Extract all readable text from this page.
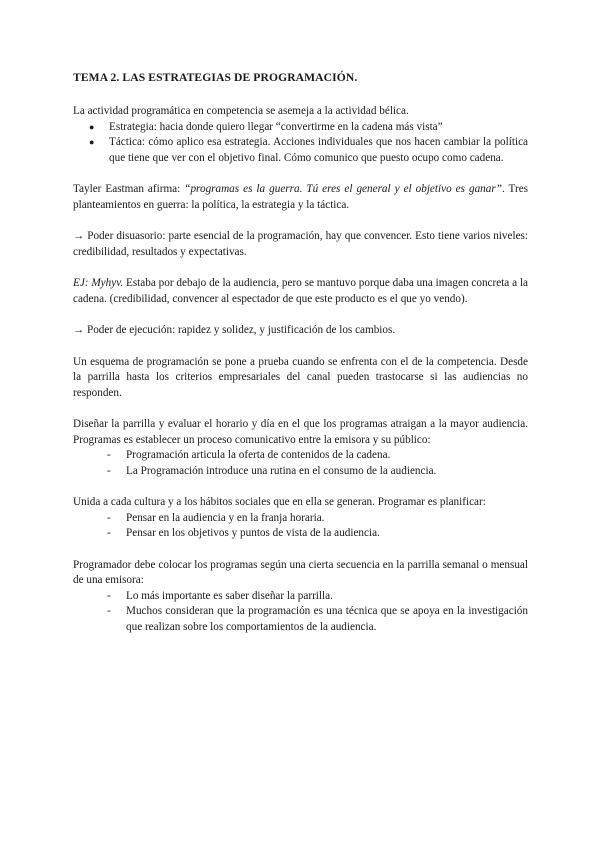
TEMA 2. LAS ESTRATEGIAS DE PROGRAMACIÓN.

La actividad programática en competencia se asemeja a la actividad bélica.

● Estrategia: hacia donde quiero llegar “convertirme en la cadena más vista”
● Táctica: cómo aplico esa estrategia. Acciones individuales que nos hacen cambiar la política que tiene que ver con el objetivo final. Cómo comunico que puesto ocupo como cadena.

Tayler Eastman afirma: “programas es la guerra. Tú eres el general y el objetivo es ganar”. Tres planteamientos en guerra: la política, la estrategia y la táctica.

→ Poder disuasorio: parte esencial de la programación, hay que convencer. Esto tiene varios niveles: credibilidad, resultados y expectativas.

EJ: Myhyv. Estaba por debajo de la audiencia, pero se mantuvo porque daba una imagen concreta a la cadena. (credibilidad, convencer al espectador de que este producto es el que yo vendo).

→ Poder de ejecución: rapidez y solidez, y justificación de los cambios.

Un esquema de programación se pone a prueba cuando se enfrenta con el de la competencia. Desde la parrilla hasta los criterios empresariales del canal pueden trastocarse si las audiencias no responden.

Diseñar la parrilla y evaluar el horario y día en el que los programas atraigan a la mayor audiencia. Programas es establecer un proceso comunicativo entre la emisora y su público:

- Programación articula la oferta de contenidos de la cadena.
- La Programación introduce una rutina en el consumo de la audiencia.

Unida a cada cultura y a los hábitos sociales que en ella se generan. Programar es planificar:

- Pensar en la audiencia y en la franja horaria.
- Pensar en los objetivos y puntos de vista de la audiencia.

Programador debe colocar los programas según una cierta secuencia en la parrilla semanal o mensual de una emisora:

- Lo más importante es saber diseñar la parrilla.
- Muchos consideran que la programación es una técnica que se apoya en la investigación que realizan sobre los comportamientos de la audiencia.
